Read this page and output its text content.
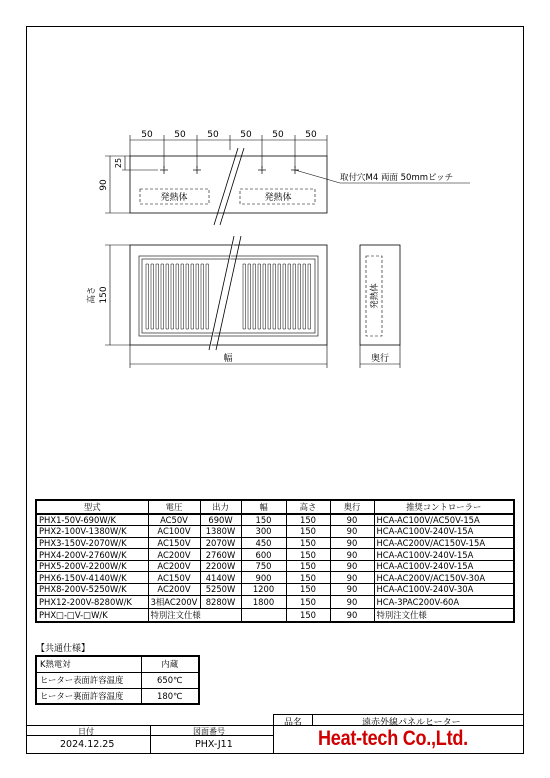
50 50 50 50 50 50
90
25
取付穴M4 両面 50mmピッチ
発熱体	発熱体
高さ 150
幅
発熱体
奥行
型式	電圧	出力	幅	高さ	奥行	推奨コントローラー
PHX1-50V-690W/K	AC50V	690W	150	150	90	HCA-AC100V/AC50V-15A
PHX2-100V-1380W/K	AC100V	1380W	300	150	90	HCA-AC100V-240V-15A
PHX3-150V-2070W/K	AC150V	2070W	450	150	90	HCA-AC200V/AC150V-15A
PHX4-200V-2760W/K	AC200V	2760W	600	150	90	HCA-AC100V-240V-15A
PHX5-200V-2200W/K	AC200V	2200W	750	150	90	HCA-AC100V-240V-15A
PHX6-150V-4140W/K	AC150V	4140W	900	150	90	HCA-AC200V/AC150V-30A
PHX8-200V-5250W/K	AC200V	5250W	1200	150	90	HCA-AC100V-240V-30A
PHX12-200V-8280W/K	3相AC200V	8280W	1800	150	90	HCA-3PAC200V-60A
PHX□-□V-□W/K	特別注文仕様			150	90	特別注文仕様
【共通仕様】
K熱電対	内蔵
ヒーター表面許容温度	650℃
ヒーター裏面許容温度	180℃
日付
2024.12.25
図面番号
PHX-J11
品名	遠赤外線パネルヒーター
Heat-tech Co.,Ltd.
